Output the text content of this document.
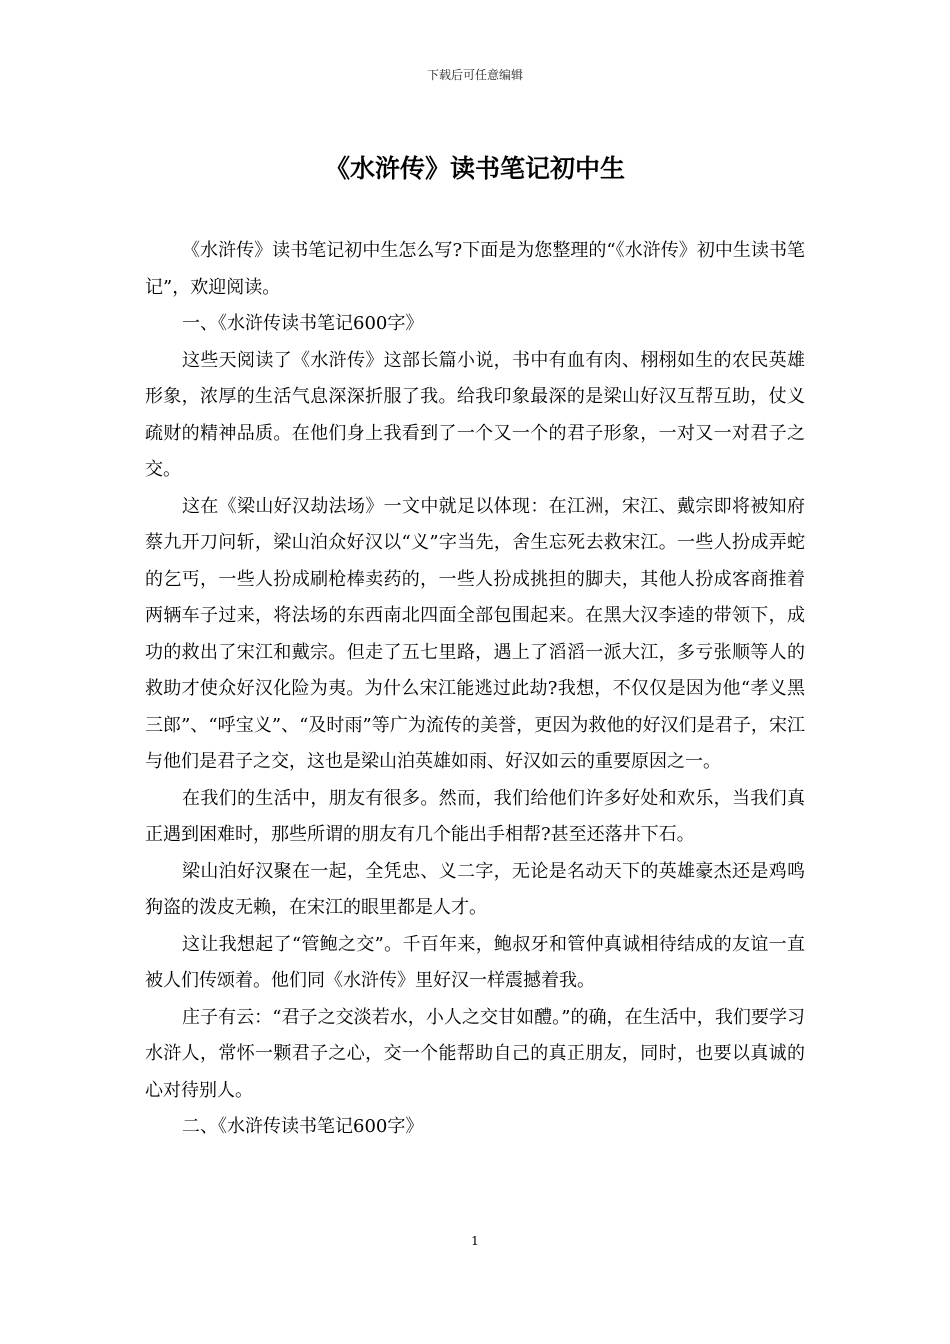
下载后可任意编辑
《水浒传》读书笔记初中生

《水浒传》读书笔记初中生怎么写?下面是为您整理的“《水浒传》初中生读书笔记”，欢迎阅读。

一、《水浒传读书笔记600字》

这些天阅读了《水浒传》这部长篇小说，书中有血有肉、栩栩如生的农民英雄形象，浓厚的生活气息深深折服了我。给我印象最深的是梁山好汉互帮互助，仗义疏财的精神品质。在他们身上我看到了一个又一个的君子形象，一对又一对君子之交。

这在《梁山好汉劫法场》一文中就足以体现：在江洲，宋江、戴宗即将被知府蔡九开刀问斩，梁山泊众好汉以“义”字当先，舍生忘死去救宋江。一些人扮成弄蛇的乞丐，一些人扮成刷枪棒卖药的，一些人扮成挑担的脚夫，其他人扮成客商推着两辆车子过来，将法场的东西南北四面全部包围起来。在黑大汉李逵的带领下，成功的救出了宋江和戴宗。但走了五七里路，遇上了滔滔一派大江，多亏张顺等人的救助才使众好汉化险为夷。为什么宋江能逃过此劫?我想，不仅仅是因为他“孝义黑三郎”、“呼宝义”、“及时雨”等广为流传的美誉，更因为救他的好汉们是君子，宋江与他们是君子之交，这也是梁山泊英雄如雨、好汉如云的重要原因之一。

在我们的生活中，朋友有很多。然而，我们给他们许多好处和欢乐，当我们真正遇到困难时，那些所谓的朋友有几个能出手相帮?甚至还落井下石。

梁山泊好汉聚在一起，全凭忠、义二字，无论是名动天下的英雄豪杰还是鸡鸣狗盗的泼皮无赖，在宋江的眼里都是人才。

这让我想起了“管鲍之交”。千百年来，鲍叔牙和管仲真诚相待结成的友谊一直被人们传颂着。他们同《水浒传》里好汉一样震撼着我。

庄子有云：“君子之交淡若水，小人之交甘如醴。”的确，在生活中，我们要学习水浒人，常怀一颗君子之心，交一个能帮助自己的真正朋友，同时，也要以真诚的心对待别人。

二、《水浒传读书笔记600字》

1
